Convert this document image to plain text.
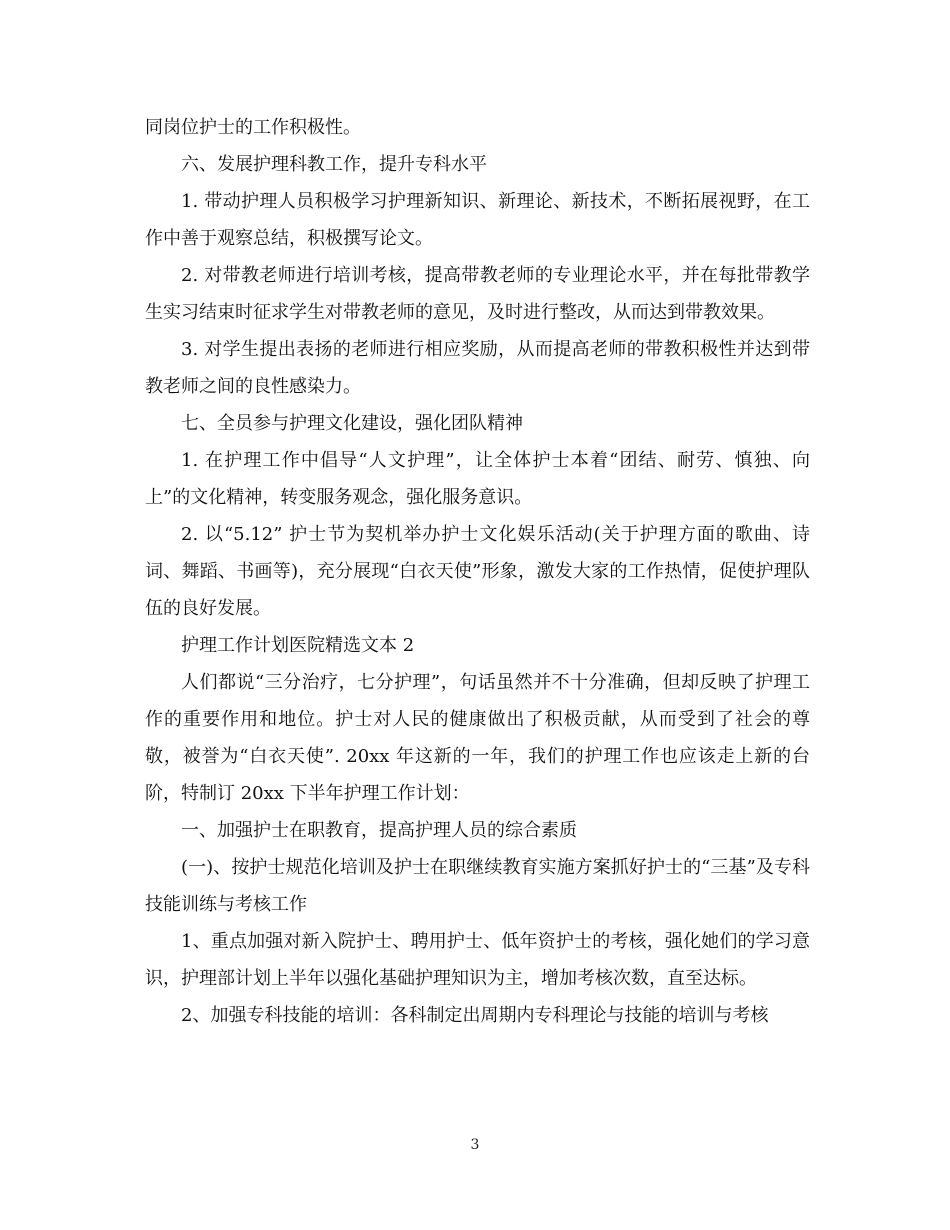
同岗位护士的工作积极性。

六、发展护理科教工作，提升专科水平

1. 带动护理人员积极学习护理新知识、新理论、新技术，不断拓展视野，在工作中善于观察总结，积极撰写论文。

2. 对带教老师进行培训考核，提高带教老师的专业理论水平，并在每批带教学生实习结束时征求学生对带教老师的意见，及时进行整改，从而达到带教效果。

3. 对学生提出表扬的老师进行相应奖励，从而提高老师的带教积极性并达到带教老师之间的良性感染力。

七、全员参与护理文化建设，强化团队精神

1. 在护理工作中倡导“人文护理”，让全体护士本着“团结、耐劳、慎独、向上”的文化精神，转变服务观念，强化服务意识。

2. 以“5.12” 护士节为契机举办护士文化娱乐活动(关于护理方面的歌曲、诗词、舞蹈、书画等)，充分展现“白衣天使”形象，激发大家的工作热情，促使护理队伍的良好发展。

护理工作计划医院精选文本 2

人们都说“三分治疗，七分护理”，句话虽然并不十分准确，但却反映了护理工作的重要作用和地位。护士对人民的健康做出了积极贡献，从而受到了社会的尊敬，被誉为“白衣天使”. 20xx 年这新的一年，我们的护理工作也应该走上新的台阶，特制订 20xx 下半年护理工作计划：

一、加强护士在职教育，提高护理人员的综合素质

(一)、按护士规范化培训及护士在职继续教育实施方案抓好护士的“三基”及专科技能训练与考核工作

1、重点加强对新入院护士、聘用护士、低年资护士的考核，强化她们的学习意识，护理部计划上半年以强化基础护理知识为主，增加考核次数，直至达标。

2、加强专科技能的培训：各科制定出周期内专科理论与技能的培训与考核

3
